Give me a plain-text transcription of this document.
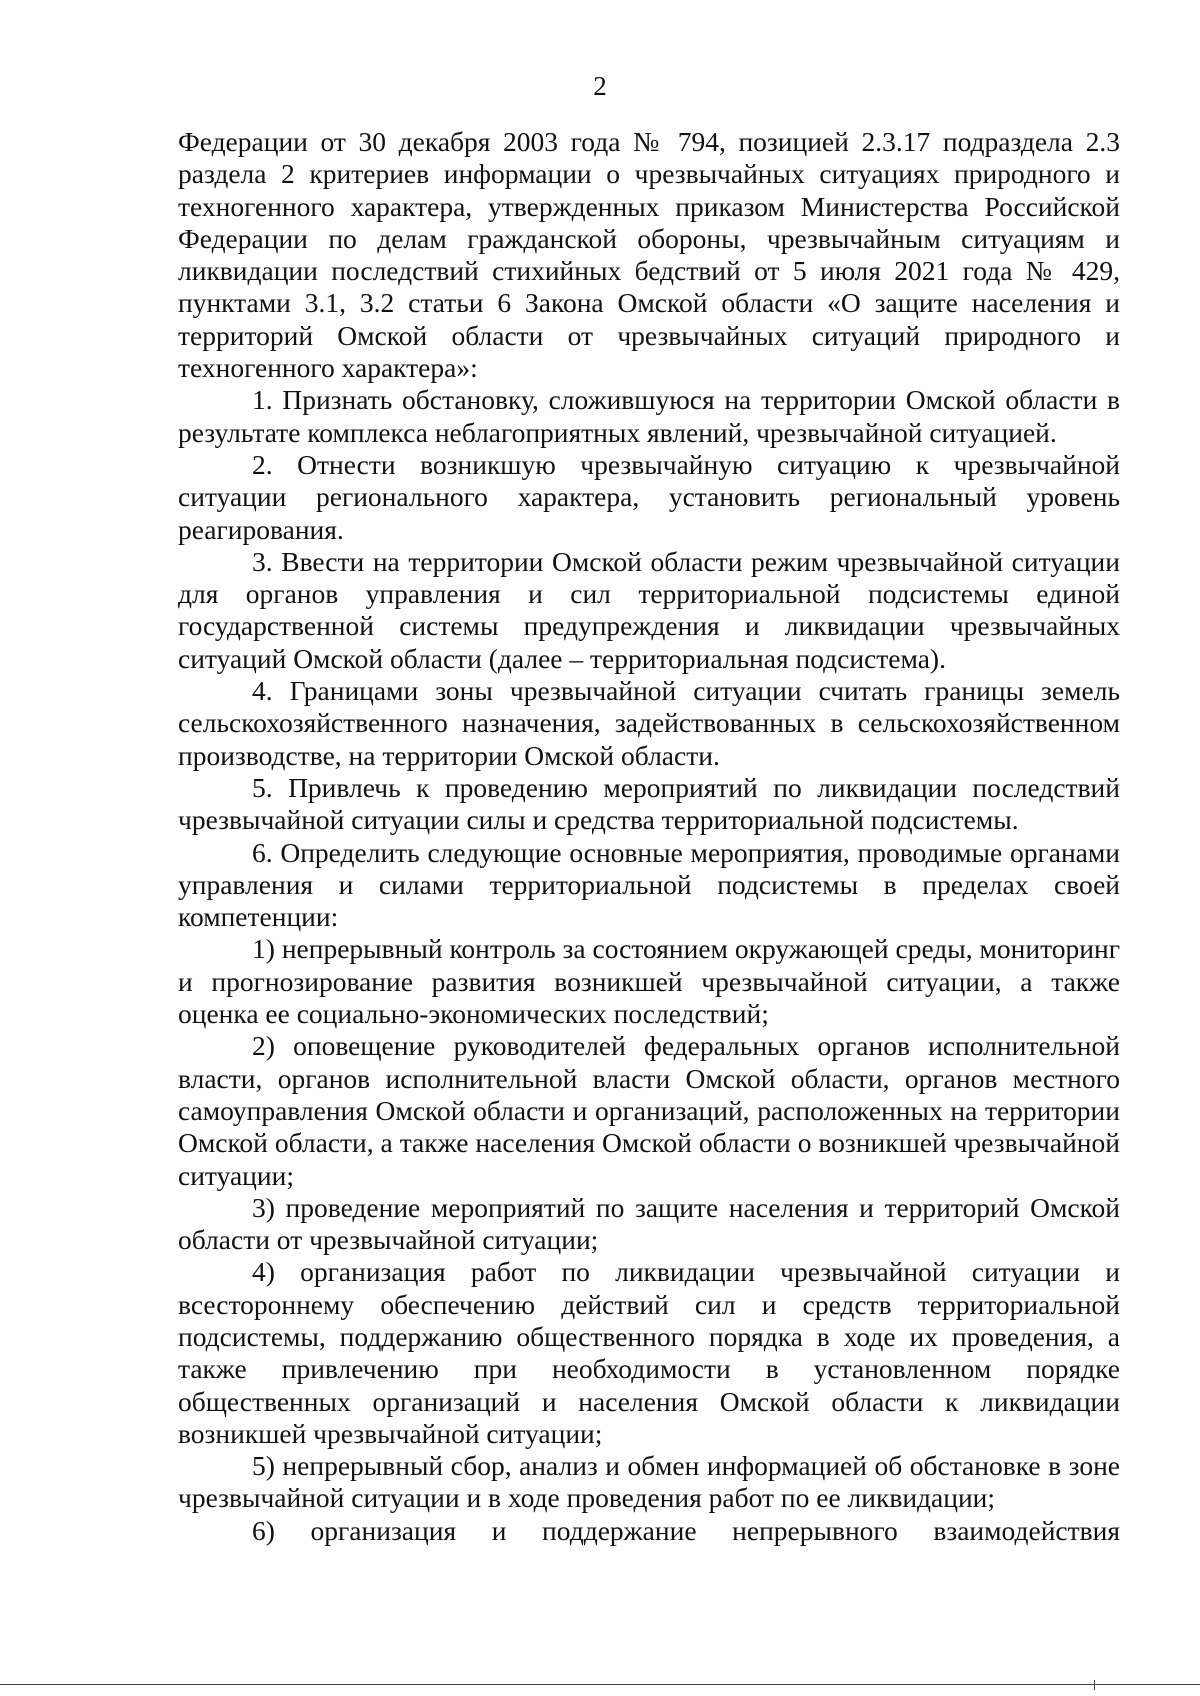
2

Федерации от 30 декабря 2003 года № 794, позицией 2.3.17 подраздела 2.3 раздела 2 критериев информации о чрезвычайных ситуациях природного и техногенного характера, утвержденных приказом Министерства Российской Федерации по делам гражданской обороны, чрезвычайным ситуациям и ликвидации последствий стихийных бедствий от 5 июля 2021 года № 429, пунктами 3.1, 3.2 статьи 6 Закона Омской области «О защите населения и территорий Омской области от чрезвычайных ситуаций природного и техногенного характера»:

1. Признать обстановку, сложившуюся на территории Омской области в результате комплекса неблагоприятных явлений, чрезвычайной ситуацией.

2. Отнести возникшую чрезвычайную ситуацию к чрезвычайной ситуации регионального характера, установить региональный уровень реагирования.

3. Ввести на территории Омской области режим чрезвычайной ситуации для органов управления и сил территориальной подсистемы единой государственной системы предупреждения и ликвидации чрезвычайных ситуаций Омской области (далее – территориальная подсистема).

4. Границами зоны чрезвычайной ситуации считать границы земель сельскохозяйственного назначения, задействованных в сельскохозяйственном производстве, на территории Омской области.

5. Привлечь к проведению мероприятий по ликвидации последствий чрезвычайной ситуации силы и средства территориальной подсистемы.

6. Определить следующие основные мероприятия, проводимые органами управления и силами территориальной подсистемы в пределах своей компетенции:

1) непрерывный контроль за состоянием окружающей среды, мониторинг и прогнозирование развития возникшей чрезвычайной ситуации, а также оценка ее социально-экономических последствий;

2) оповещение руководителей федеральных органов исполнительной власти, органов исполнительной власти Омской области, органов местного самоуправления Омской области и организаций, расположенных на территории Омской области, а также населения Омской области о возникшей чрезвычайной ситуации;

3) проведение мероприятий по защите населения и территорий Омской области от чрезвычайной ситуации;

4) организация работ по ликвидации чрезвычайной ситуации и всестороннему обеспечению действий сил и средств территориальной подсистемы, поддержанию общественного порядка в ходе их проведения, а также привлечению при необходимости в установленном порядке общественных организаций и населения Омской области к ликвидации возникшей чрезвычайной ситуации;

5) непрерывный сбор, анализ и обмен информацией об обстановке в зоне чрезвычайной ситуации и в ходе проведения работ по ее ликвидации;

6) организация и поддержание непрерывного взаимодействия
